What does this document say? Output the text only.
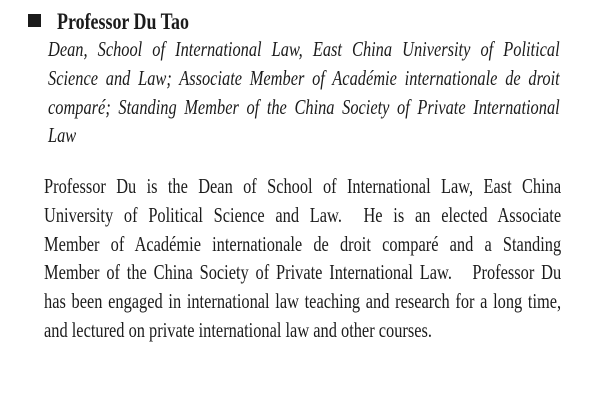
Professor Du Tao
Dean, School of International Law, East China University of Political
Science and Law; Associate Member of Académie internationale de droit
comparé; Standing Member of the China Society of Private International
Law
Professor Du is the Dean of School of International Law, East China
University of Political Science and Law.  He is an elected Associate
Member of Académie internationale de droit comparé and a Standing
Member of the China Society of Private International Law.   Professor Du
has been engaged in international law teaching and research for a long time,
and lectured on private international law and other courses.
